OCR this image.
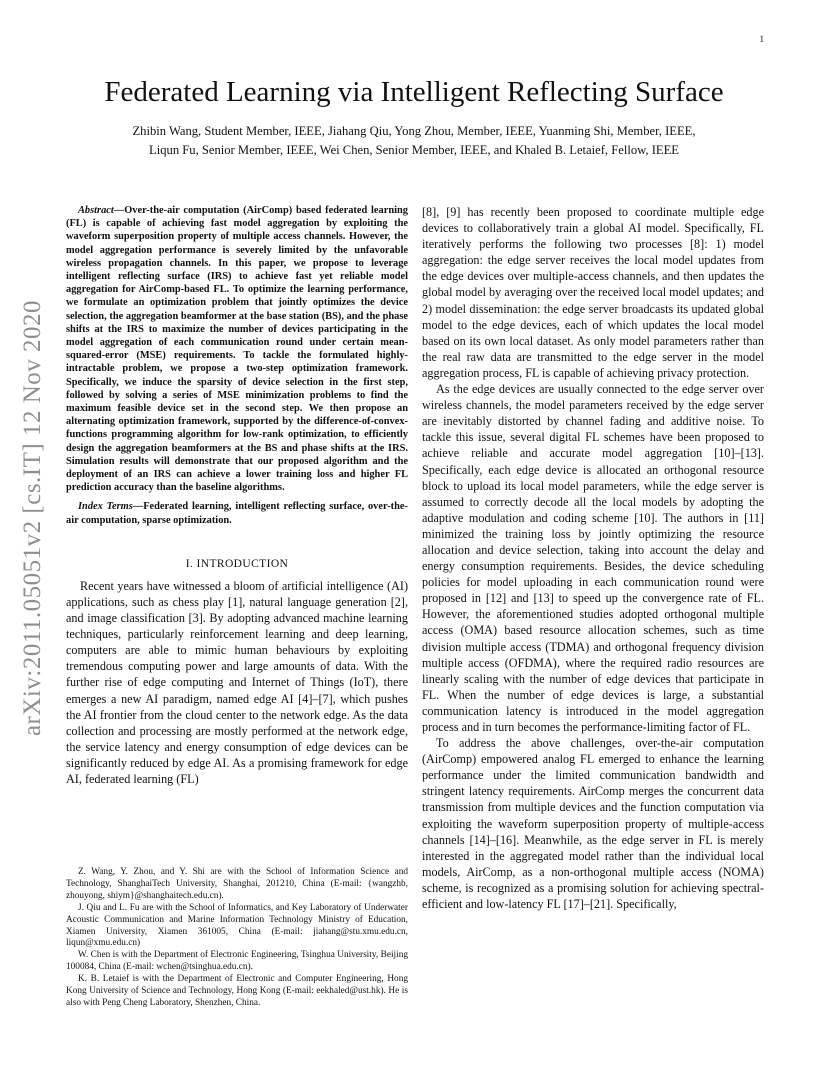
1
arXiv:2011.05051v2 [cs.IT] 12 Nov 2020
Federated Learning via Intelligent Reflecting Surface
Zhibin Wang, Student Member, IEEE, Jiahang Qiu, Yong Zhou, Member, IEEE, Yuanming Shi, Member, IEEE,
Liqun Fu, Senior Member, IEEE, Wei Chen, Senior Member, IEEE, and Khaled B. Letaief, Fellow, IEEE

Abstract—Over-the-air computation (AirComp) based federated learning (FL) is capable of achieving fast model aggregation by exploiting the waveform superposition property of multiple access channels. However, the model aggregation performance is severely limited by the unfavorable wireless propagation channels. In this paper, we propose to leverage intelligent reflecting surface (IRS) to achieve fast yet reliable model aggregation for AirComp-based FL. To optimize the learning performance, we formulate an optimization problem that jointly optimizes the device selection, the aggregation beamformer at the base station (BS), and the phase shifts at the IRS to maximize the number of devices participating in the model aggregation of each communication round under certain mean-squared-error (MSE) requirements. To tackle the formulated highly-intractable problem, we propose a two-step optimization framework. Specifically, we induce the sparsity of device selection in the first step, followed by solving a series of MSE minimization problems to find the maximum feasible device set in the second step. We then propose an alternating optimization framework, supported by the difference-of-convex-functions programming algorithm for low-rank optimization, to efficiently design the aggregation beamformers at the BS and phase shifts at the IRS. Simulation results will demonstrate that our proposed algorithm and the deployment of an IRS can achieve a lower training loss and higher FL prediction accuracy than the baseline algorithms.

Index Terms—Federated learning, intelligent reflecting surface, over-the-air computation, sparse optimization.

I. INTRODUCTION

Recent years have witnessed a bloom of artificial intelligence (AI) applications, such as chess play [1], natural language generation [2], and image classification [3]. By adopting advanced machine learning techniques, particularly reinforcement learning and deep learning, computers are able to mimic human behaviours by exploiting tremendous computing power and large amounts of data. With the further rise of edge computing and Internet of Things (IoT), there emerges a new AI paradigm, named edge AI [4]–[7], which pushes the AI frontier from the cloud center to the network edge. As the data collection and processing are mostly performed at the network edge, the service latency and energy consumption of edge devices can be significantly reduced by edge AI. As a promising framework for edge AI, federated learning (FL)

Z. Wang, Y. Zhou, and Y. Shi are with the School of Information Science and Technology, ShanghaiTech University, Shanghai, 201210, China (E-mail: {wangzhb, zhouyong, shiym}@shanghaitech.edu.cn).

J. Qiu and L. Fu are with the School of Informatics, and Key Laboratory of Underwater Acoustic Communication and Marine Information Technology Ministry of Education, Xiamen University, Xiamen 361005, China (E-mail: jiahang@stu.xmu.edu.cn, liqun@xmu.edu.cn)

W. Chen is with the Department of Electronic Engineering, Tsinghua University, Beijing 100084, China (E-mail: wchen@tsinghua.edu.cn).

K. B. Letaief is with the Department of Electronic and Computer Engineering, Hong Kong University of Science and Technology, Hong Kong (E-mail: eekhaled@ust.hk). He is also with Peng Cheng Laboratory, Shenzhen, China.

[8], [9] has recently been proposed to coordinate multiple edge devices to collaboratively train a global AI model. Specifically, FL iteratively performs the following two processes [8]: 1) model aggregation: the edge server receives the local model updates from the edge devices over multiple-access channels, and then updates the global model by averaging over the received local model updates; and 2) model dissemination: the edge server broadcasts its updated global model to the edge devices, each of which updates the local model based on its own local dataset. As only model parameters rather than the real raw data are transmitted to the edge server in the model aggregation process, FL is capable of achieving privacy protection.

As the edge devices are usually connected to the edge server over wireless channels, the model parameters received by the edge server are inevitably distorted by channel fading and additive noise. To tackle this issue, several digital FL schemes have been proposed to achieve reliable and accurate model aggregation [10]–[13]. Specifically, each edge device is allocated an orthogonal resource block to upload its local model parameters, while the edge server is assumed to correctly decode all the local models by adopting the adaptive modulation and coding scheme [10]. The authors in [11] minimized the training loss by jointly optimizing the resource allocation and device selection, taking into account the delay and energy consumption requirements. Besides, the device scheduling policies for model uploading in each communication round were proposed in [12] and [13] to speed up the convergence rate of FL. However, the aforementioned studies adopted orthogonal multiple access (OMA) based resource allocation schemes, such as time division multiple access (TDMA) and orthogonal frequency division multiple access (OFDMA), where the required radio resources are linearly scaling with the number of edge devices that participate in FL. When the number of edge devices is large, a substantial communication latency is introduced in the model aggregation process and in turn becomes the performance-limiting factor of FL.

To address the above challenges, over-the-air computation (AirComp) empowered analog FL emerged to enhance the learning performance under the limited communication bandwidth and stringent latency requirements. AirComp merges the concurrent data transmission from multiple devices and the function computation via exploiting the waveform superposition property of multiple-access channels [14]–[16]. Meanwhile, as the edge server in FL is merely interested in the aggregated model rather than the individual local models, AirComp, as a non-orthogonal multiple access (NOMA) scheme, is recognized as a promising solution for achieving spectral-efficient and low-latency FL [17]–[21]. Specifically,
